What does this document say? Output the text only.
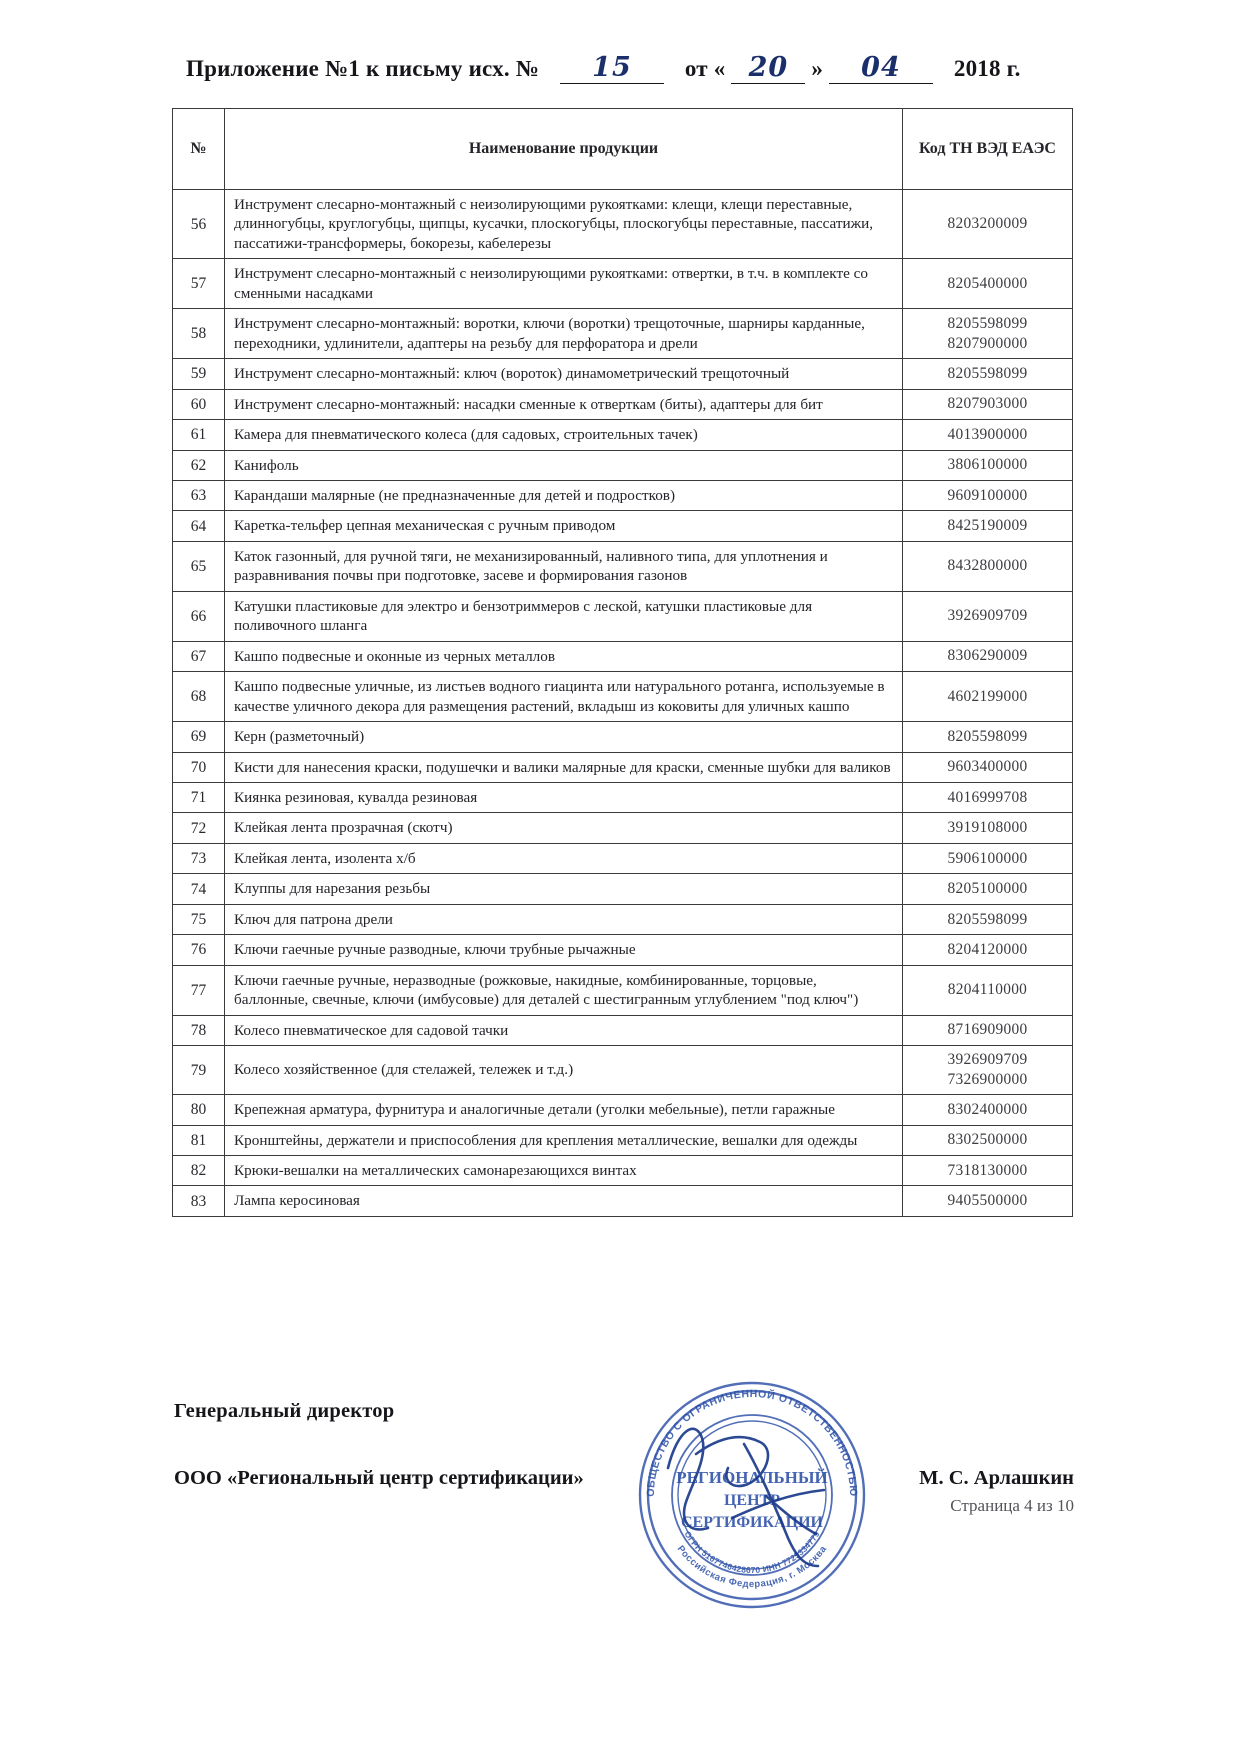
Приложение №1 к письму исх. № 15 от « 20 » 04 2018 г.
№	Наименование продукции	Код ТН ВЭД ЕАЭС
56	Инструмент слесарно-монтажный с неизолирующими рукоятками: клещи, клещи переставные, длинногубцы, круглогубцы, щипцы, кусачки, плоскогубцы, плоскогубцы переставные, пассатижи, пассатижи-трансформеры, бокорезы, кабелерезы	8203200009

57	Инструмент слесарно-монтажный с неизолирующими рукоятками: отвертки, в т.ч. в комплекте со сменными насадками	8205400000

58	Инструмент слесарно-монтажный: воротки, ключи (воротки) трещоточные, шарниры карданные, переходники, удлинители, адаптеры на резьбу для перфоратора и дрели	8205598099
8207900000

59	Инструмент слесарно-монтажный: ключ (вороток) динамометрический трещоточный	8205598099

60	Инструмент слесарно-монтажный: насадки сменные к отверткам (биты), адаптеры для бит	8207903000

61	Камера для пневматического колеса (для садовых, строительных тачек)	4013900000

62	Канифоль	3806100000

63	Карандаши малярные (не предназначенные для детей и подростков)	9609100000

64	Каретка-тельфер цепная механическая с ручным приводом	8425190009

65	Каток газонный, для ручной тяги, не механизированный, наливного типа, для уплотнения и разравнивания почвы при подготовке, засеве и формирования газонов	8432800000

66	Катушки пластиковые для электро и бензотриммеров с леской, катушки пластиковые для поливочного шланга	3926909709

67	Кашпо подвесные и оконные из черных металлов	8306290009

68	Кашпо подвесные уличные, из листьев водного гиацинта или натурального ротанга, используемые в качестве уличного декора для размещения растений, вкладыш из коковиты для уличных кашпо	4602199000

69	Керн (разметочный)	8205598099

70	Кисти для нанесения краски, подушечки и валики малярные для краски, сменные шубки для валиков	9603400000

71	Киянка резиновая, кувалда резиновая	4016999708

72	Клейкая лента прозрачная (скотч)	3919108000

73	Клейкая лента, изолента х/б	5906100000

74	Клуппы для нарезания резьбы	8205100000

75	Ключ для патрона дрели	8205598099

76	Ключи гаечные ручные разводные, ключи трубные рычажные	8204120000

77	Ключи гаечные ручные, неразводные (рожковые, накидные, комбинированные, торцовые, баллонные, свечные, ключи (имбусовые) для деталей с шестигранным углублением "под ключ")	8204110000

78	Колесо пневматическое для садовой тачки	8716909000

79	Колесо хозяйственное (для стелажей, тележек и т.д.)	3926909709
7326900000

80	Крепежная арматура, фурнитура и аналогичные детали (уголки мебельные), петли гаражные	8302400000

81	Кронштейны, держатели и приспособления для крепления металлические, вешалки для одежды	8302500000

82	Крюки-вешалки на металлических самонарезающихся винтах	7318130000

83	Лампа керосиновая	9405500000
Генеральный директор
ООО «Региональный центр сертификации»	М. С. Арлашкин
Страница 4 из 10
ОБЩЕСТВО С ОГРАНИЧЕННОЙ ОТВЕТСТВЕННОСТЬЮ
Российская Федерация, г. Москва
ОГРН 5167746428670 ИНН 7725334779
РЕГИОНАЛЬНЫЙ
ЦЕНТР
СЕРТИФИКАЦИИ
